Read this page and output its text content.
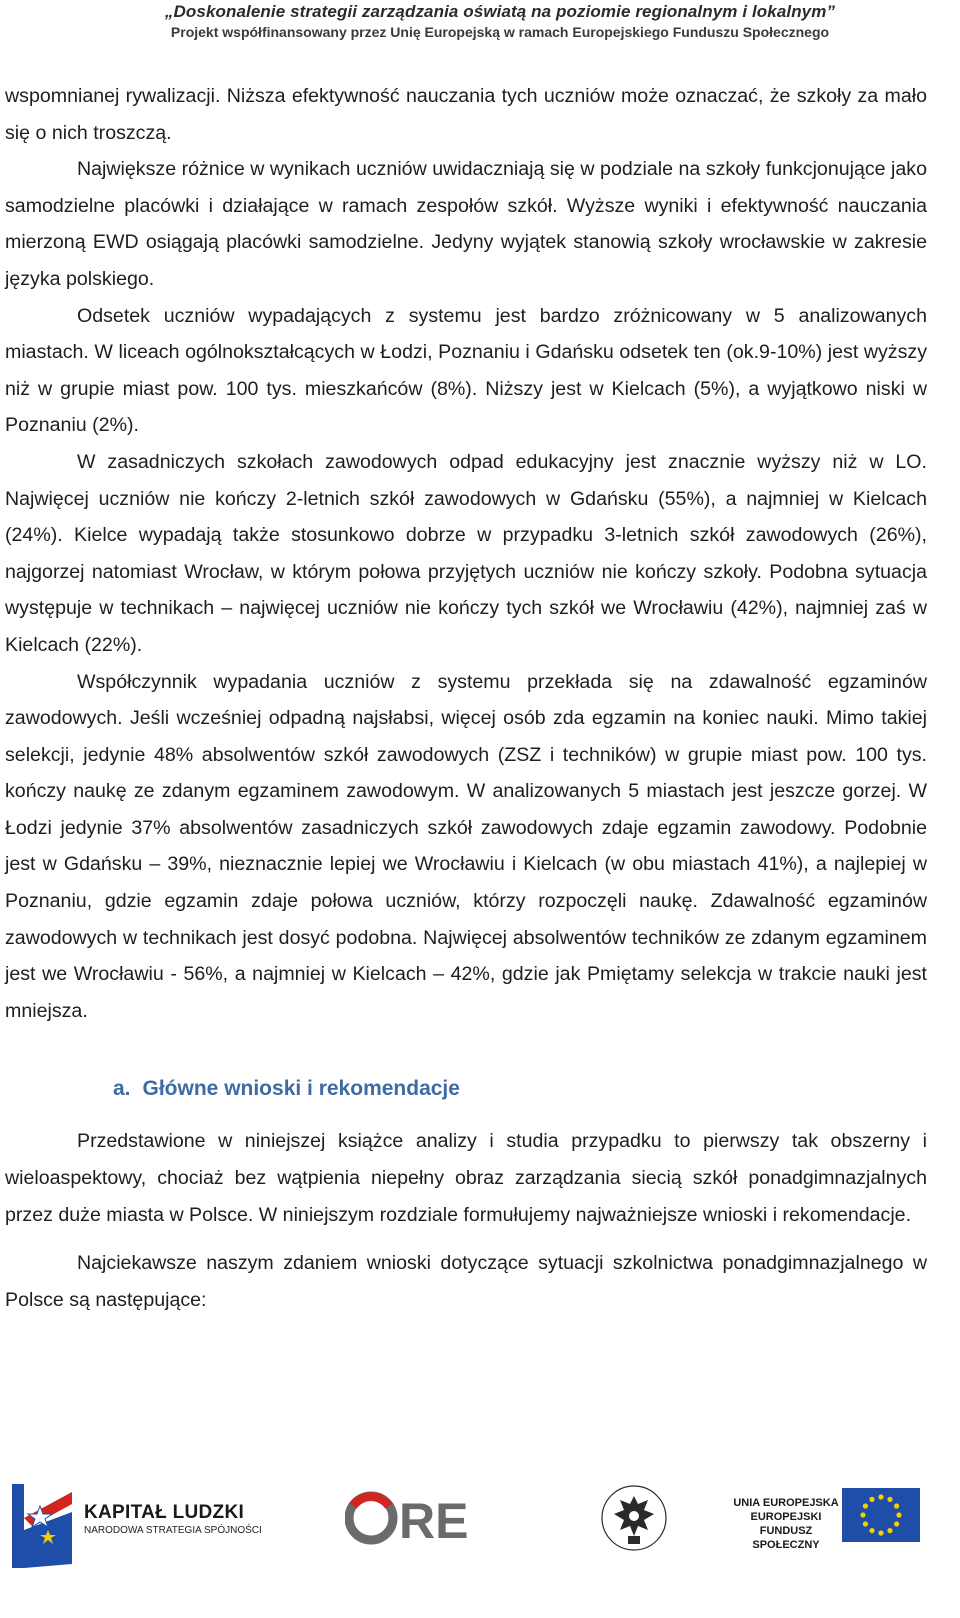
„Doskonalenie strategii zarządzania oświatą na poziomie regionalnym i lokalnym”
Projekt współfinansowany przez Unię Europejską w ramach Europejskiego Funduszu Społecznego

wspomnianej rywalizacji. Niższa efektywność nauczania tych uczniów może oznaczać, że szkoły za mało się o nich troszczą.

Największe różnice w wynikach uczniów uwidaczniają się w podziale na szkoły funkcjonujące jako samodzielne placówki i działające w ramach zespołów szkół. Wyższe wyniki i efektywność nauczania mierzoną EWD osiągają placówki samodzielne. Jedyny wyjątek stanowią szkoły wrocławskie w zakresie języka polskiego.

Odsetek uczniów wypadających z systemu jest bardzo zróżnicowany w 5 analizowanych miastach. W liceach ogólnokształcących w Łodzi, Poznaniu i Gdańsku odsetek ten (ok.9-10%) jest wyższy niż w grupie miast pow. 100 tys. mieszkańców (8%). Niższy jest w Kielcach (5%), a wyjątkowo niski w Poznaniu (2%).

W zasadniczych szkołach zawodowych odpad edukacyjny jest znacznie wyższy niż w LO. Najwięcej uczniów nie kończy 2-letnich szkół zawodowych w Gdańsku (55%), a najmniej w Kielcach (24%). Kielce wypadają także stosunkowo dobrze w przypadku 3-letnich szkół zawodowych (26%), najgorzej natomiast Wrocław, w którym połowa przyjętych uczniów nie kończy szkoły. Podobna sytuacja występuje w technikach – najwięcej uczniów nie kończy tych szkół we Wrocławiu (42%), najmniej zaś w Kielcach (22%).

Współczynnik wypadania uczniów z systemu przekłada się na zdawalność egzaminów zawodowych. Jeśli wcześniej odpadną najsłabsi, więcej osób zda egzamin na koniec nauki. Mimo takiej selekcji, jedynie 48% absolwentów szkół zawodowych (ZSZ i techników) w grupie miast pow. 100 tys. kończy naukę ze zdanym egzaminem zawodowym. W analizowanych 5 miastach jest jeszcze gorzej. W Łodzi jedynie 37% absolwentów zasadniczych szkół zawodowych zdaje egzamin zawodowy. Podobnie jest w Gdańsku – 39%, nieznacznie lepiej we Wrocławiu i Kielcach (w obu miastach 41%), a najlepiej w Poznaniu, gdzie egzamin zdaje połowa uczniów, którzy rozpoczęli naukę. Zdawalność egzaminów zawodowych w technikach jest dosyć podobna. Najwięcej absolwentów techników ze zdanym egzaminem jest we Wrocławiu - 56%, a najmniej w Kielcach – 42%, gdzie jak Pmiętamy selekcja w trakcie nauki jest mniejsza.

a. Główne wnioski i rekomendacje

Przedstawione w niniejszej książce analizy i studia przypadku to pierwszy tak obszerny i wieloaspektowy, chociaż bez wątpienia niepełny obraz zarządzania siecią szkół ponadgimnazjalnych przez duże miasta w Polsce. W niniejszym rozdziale formułujemy najważniejsze wnioski i rekomendacje.

Najciekawsze naszym zdaniem wnioski dotyczące sytuacji szkolnictwa ponadgimnazjalnego w Polsce są następujące:

KAPITAŁ LUDZKI
NARODOWA STRATEGIA SPÓJNOŚCI	RE	UNIA EUROPEJSKA
EUROPEJSKI
FUNDUSZ SPOŁECZNY
